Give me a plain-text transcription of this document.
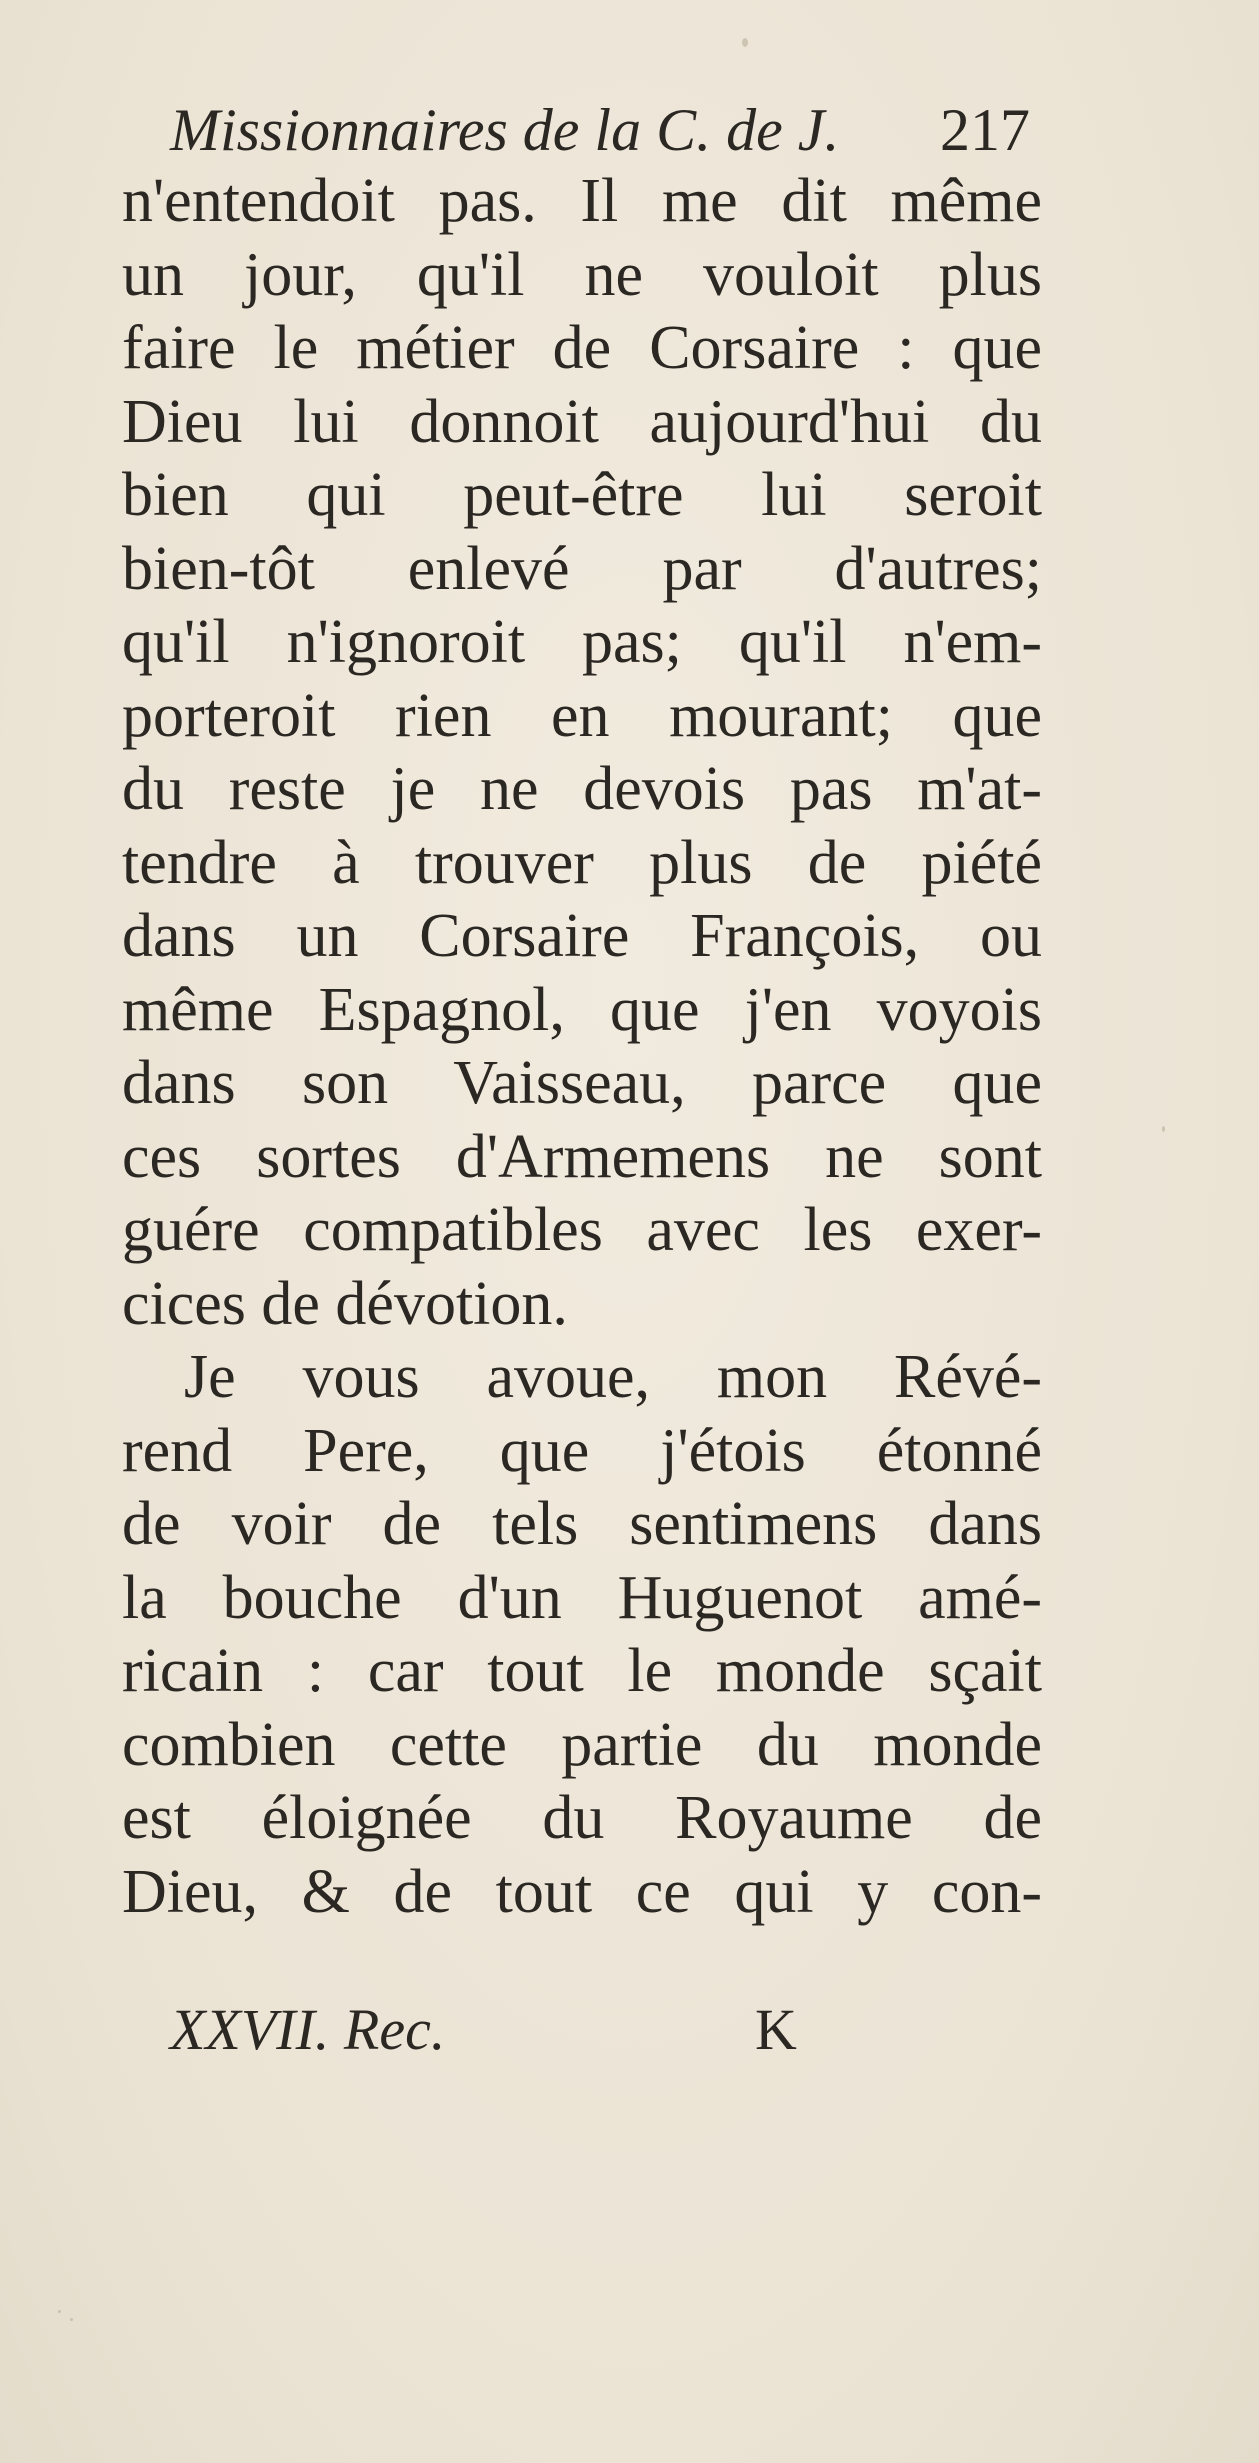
Missionnaires de la C. de J. 217
n'entendoit pas. Il me dit même
un jour, qu'il ne vouloit plus
faire le métier de Corsaire : que
Dieu lui donnoit aujourd'hui du
bien qui peut-être lui seroit
bien-tôt enlevé par d'autres;
qu'il n'ignoroit pas; qu'il n'em-
porteroit rien en mourant; que
du reste je ne devois pas m'at-
tendre à trouver plus de piété
dans un Corsaire François, ou
même Espagnol, que j'en voyois
dans son Vaisseau, parce que
ces sortes d'Armemens ne sont
guére compatibles avec les exer-
cices de dévotion.
Je vous avoue, mon Révé-
rend Pere, que j'étois étonné
de voir de tels sentimens dans
la bouche d'un Huguenot amé-
ricain : car tout le monde sçait
combien cette partie du monde
est éloignée du Royaume de
Dieu, & de tout ce qui y con-
XXVII. Rec.	K
